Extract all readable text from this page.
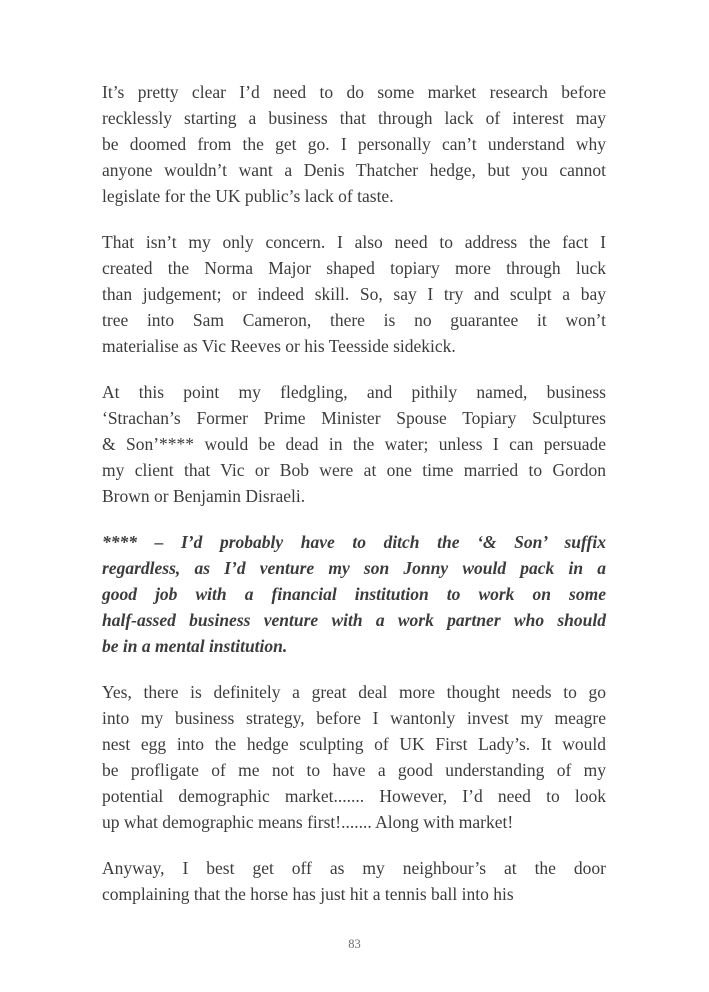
It’s pretty clear I’d need to do some market research before
recklessly starting a business that through lack of interest may
be doomed from the get go. I personally can’t understand why
anyone wouldn’t want a Denis Thatcher hedge, but you cannot
legislate for the UK public’s lack of taste.

That isn’t my only concern. I also need to address the fact I
created the Norma Major shaped topiary more through luck
than judgement; or indeed skill. So, say I try and sculpt a bay
tree into Sam Cameron, there is no guarantee it won’t
materialise as Vic Reeves or his Teesside sidekick.

At this point my fledgling, and pithily named, business
‘Strachan’s Former Prime Minister Spouse Topiary Sculptures
& Son’**** would be dead in the water; unless I can persuade
my client that Vic or Bob were at one time married to Gordon
Brown or Benjamin Disraeli.

**** – I’d probably have to ditch the ‘& Son’ suffix
regardless, as I’d venture my son Jonny would pack in a
good job with a financial institution to work on some
half-assed business venture with a work partner who should
be in a mental institution.

Yes, there is definitely a great deal more thought needs to go
into my business strategy, before I wantonly invest my meagre
nest egg into the hedge sculpting of UK First Lady’s. It would
be profligate of me not to have a good understanding of my
potential demographic market....... However, I’d need to look
up what demographic means first!....... Along with market!

Anyway, I best get off as my neighbour’s at the door
complaining that the horse has just hit a tennis ball into his

83
